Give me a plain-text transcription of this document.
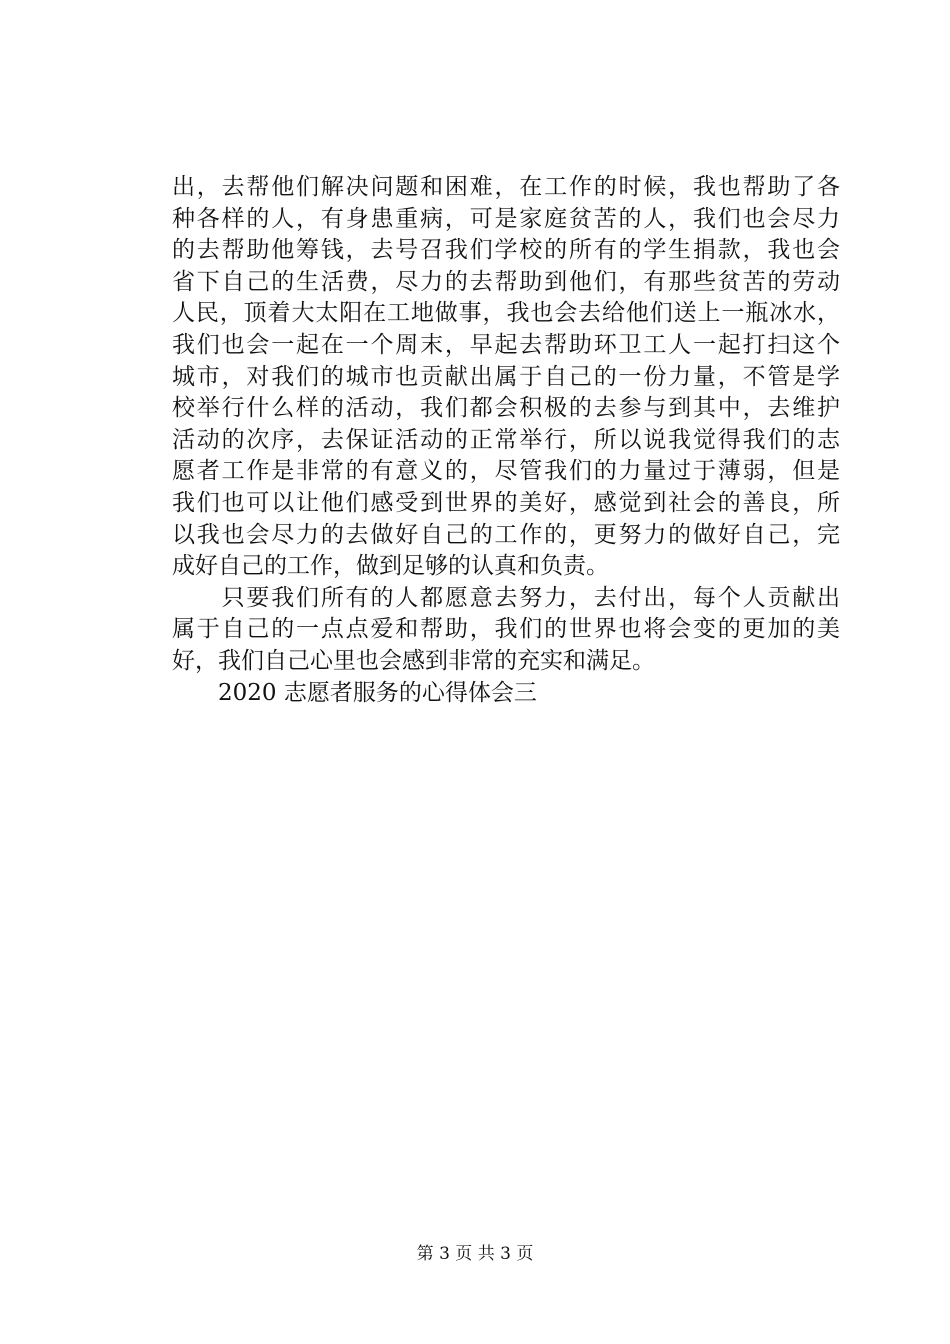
出，去帮他们解决问题和困难，在工作的时候，我也帮助了各
种各样的人，有身患重病，可是家庭贫苦的人，我们也会尽力
的去帮助他筹钱，去号召我们学校的所有的学生捐款，我也会
省下自己的生活费，尽力的去帮助到他们，有那些贫苦的劳动
人民，顶着大太阳在工地做事，我也会去给他们送上一瓶冰水，
我们也会一起在一个周末，早起去帮助环卫工人一起打扫这个
城市，对我们的城市也贡献出属于自己的一份力量，不管是学
校举行什么样的活动，我们都会积极的去参与到其中，去维护
活动的次序，去保证活动的正常举行，所以说我觉得我们的志
愿者工作是非常的有意义的，尽管我们的力量过于薄弱，但是
我们也可以让他们感受到世界的美好，感觉到社会的善良，所
以我也会尽力的去做好自己的工作的，更努力的做好自己，完
成好自己的工作，做到足够的认真和负责。
　　只要我们所有的人都愿意去努力，去付出，每个人贡献出
属于自己的一点点爱和帮助，我们的世界也将会变的更加的美
好，我们自己心里也会感到非常的充实和满足。
　　2020 志愿者服务的心得体会三
第 3 页 共 3 页
